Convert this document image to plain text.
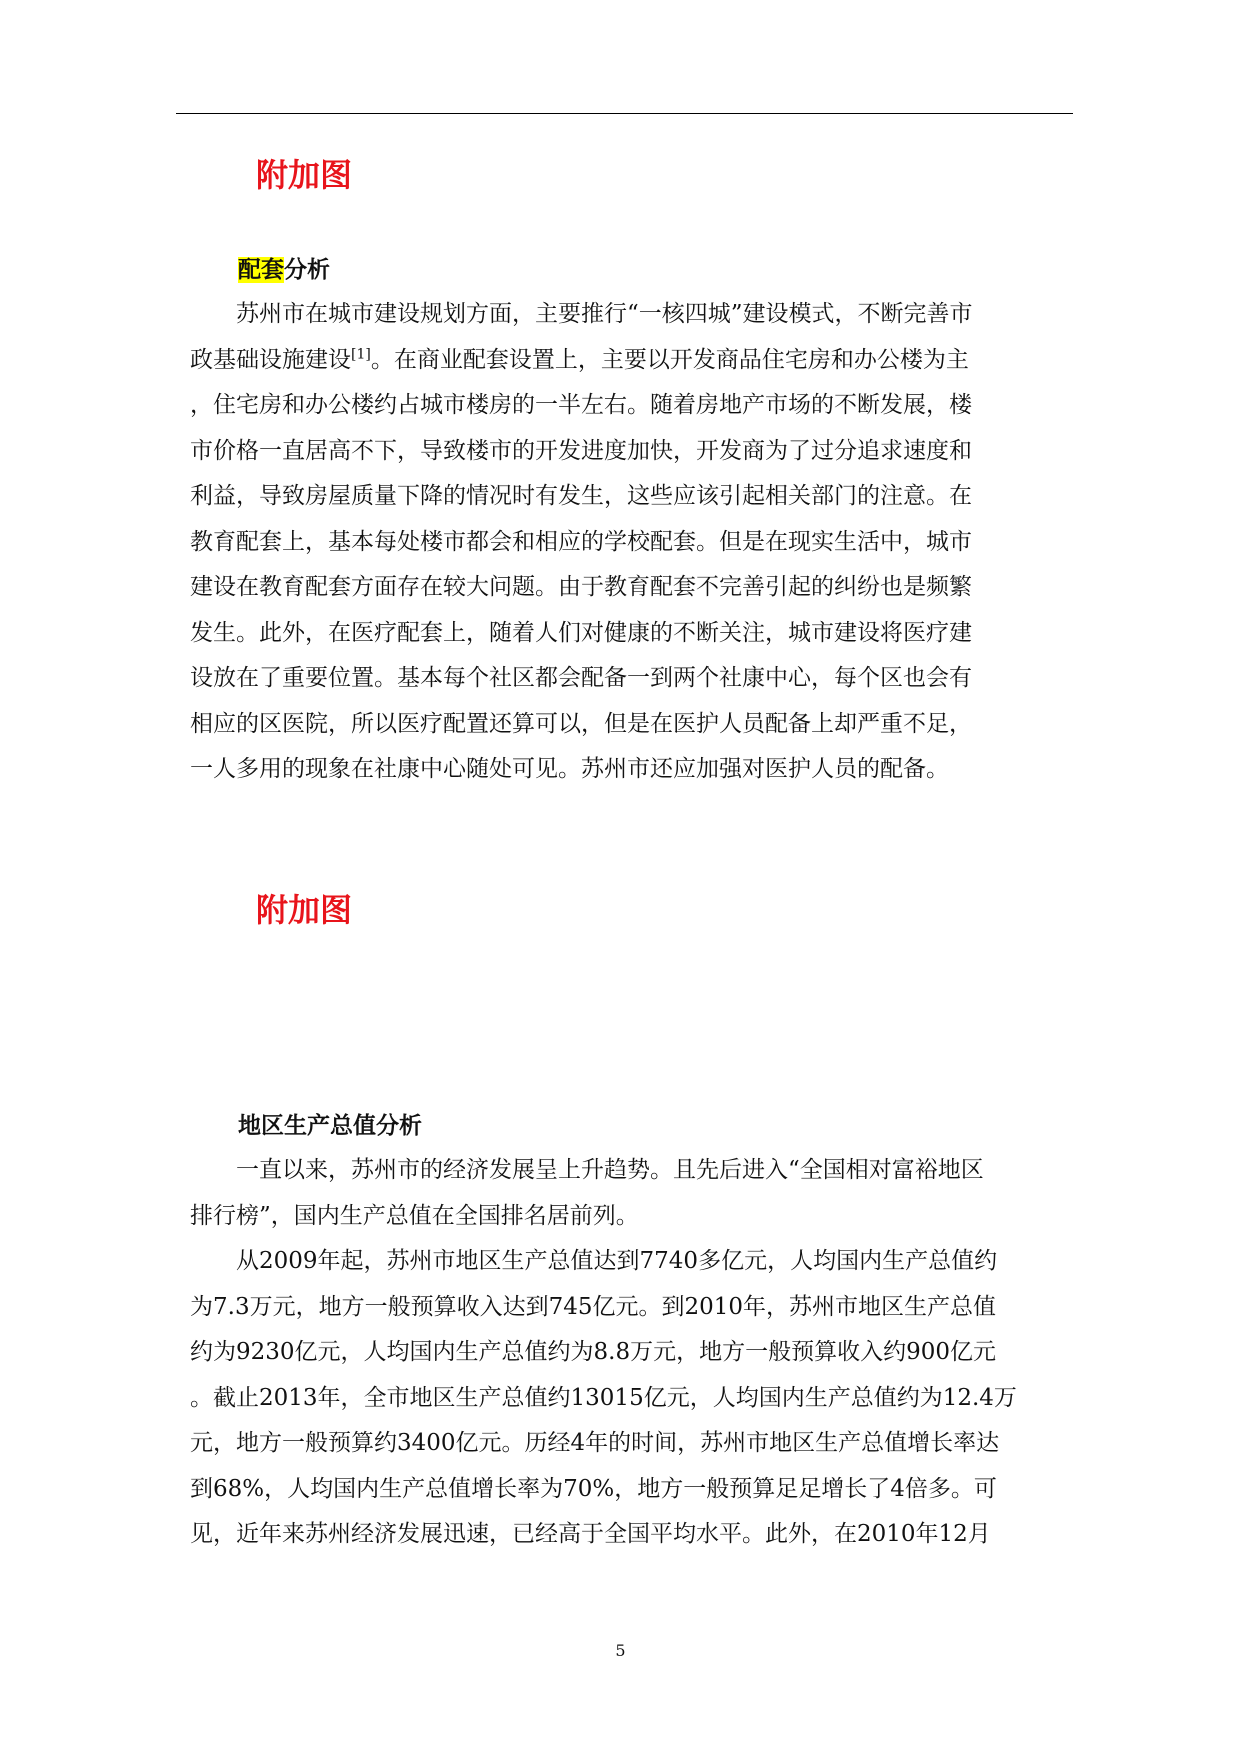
附加图
配套分析
　　苏州市在城市建设规划方面，主要推行“一核四城”建设模式，不断完善市
政基础设施建设[1]。在商业配套设置上，主要以开发商品住宅房和办公楼为主
，住宅房和办公楼约占城市楼房的一半左右。随着房地产市场的不断发展，楼
市价格一直居高不下，导致楼市的开发进度加快，开发商为了过分追求速度和
利益，导致房屋质量下降的情况时有发生，这些应该引起相关部门的注意。在
教育配套上，基本每处楼市都会和相应的学校配套。但是在现实生活中，城市
建设在教育配套方面存在较大问题。由于教育配套不完善引起的纠纷也是频繁
发生。此外，在医疗配套上，随着人们对健康的不断关注，城市建设将医疗建
设放在了重要位置。基本每个社区都会配备一到两个社康中心，每个区也会有
相应的区医院，所以医疗配置还算可以，但是在医护人员配备上却严重不足，
一人多用的现象在社康中心随处可见。苏州市还应加强对医护人员的配备。
附加图
地区生产总值分析
　　一直以来，苏州市的经济发展呈上升趋势。且先后进入“全国相对富裕地区
排行榜”，国内生产总值在全国排名居前列。
　　从2009年起，苏州市地区生产总值达到7740多亿元，人均国内生产总值约
为7.3万元，地方一般预算收入达到745亿元。到2010年，苏州市地区生产总值
约为9230亿元，人均国内生产总值约为8.8万元，地方一般预算收入约900亿元
。截止2013年，全市地区生产总值约13015亿元，人均国内生产总值约为12.4万
元，地方一般预算约3400亿元。历经4年的时间，苏州市地区生产总值增长率达
到68%，人均国内生产总值增长率为70%，地方一般预算足足增长了4倍多。可
见，近年来苏州经济发展迅速，已经高于全国平均水平。此外，在2010年12月
5
